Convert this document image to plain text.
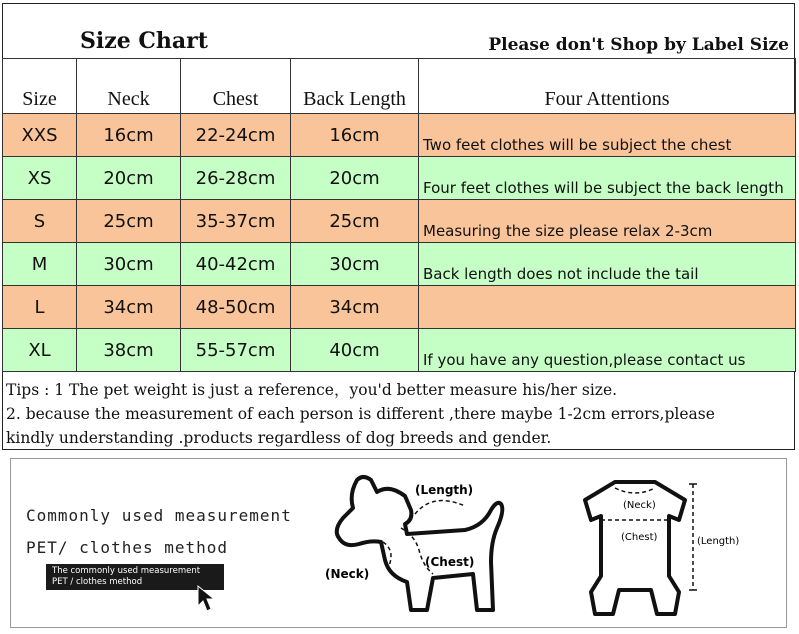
Size Chart	Please don't Shop by Label Size
Size	Neck	Chest	Back Length	Four Attentions
XXS	16cm	22-24cm	16cm	Two feet clothes will be subject the chest
XS	20cm	26-28cm	20cm	Four feet clothes will be subject the back length
S	25cm	35-37cm	25cm	Measuring the size please relax 2-3cm
M	30cm	40-42cm	30cm	Back length does not include the tail
L	34cm	48-50cm	34cm	
XL	38cm	55-57cm	40cm	If you have any question,please contact us
Tips : 1 The pet weight is just a reference，you'd better measure his/her size.
2. because the measurement of each person is different ,there maybe 1-2cm errors,please
kindly understanding .products regardless of dog breeds and gender.
Commonly used measurement
PET/ clothes method
The commonly used measurement
PET / clothes method
(Length)
(Chest)
(Neck)
(Neck)
(Chest)	(Length)
